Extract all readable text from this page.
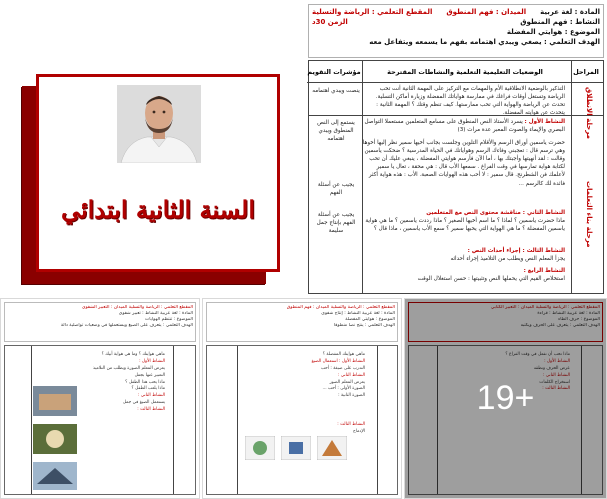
المادة : لغة عربية
الميدان : فهم المنطوق
المقطع التعلمي : الرياضة والتسلية
النشاط : فهم المنطوق
الزمن 30د
الموضوع : هوايتي المفضلة
الهدف التعلمي : يصغي ويبدي اهتمامه بفهم ما يسمعه ويتفاعل معه
المراحل
الوضعيات التعليمية التعلمية والنشاطات المقترحة
مؤشرات التقويم
مرحلة الانطلاق
مرحلة بناء التعلمات
التذكير بالوضعية الانطلاقية الأم والمهمات مع التركيز على المهمة الثانية أنت تحب الرياضة وتستغل أوقات فراغك في ممارسة هواياتك المفضلة وزيارة أماكن التسلية. تحدث عن الرياضة والهواية التي تحب ممارستها. كيف تنظم وقتك ؟ المهمة الثانية : يتحدث عن هوايته المفضلة.
ينصت ويبدي اهتمامه
النشاط الأول : يسرد الأستاذ النص المنطوق على مسامع المتعلمين مستعملا التواصل البصري والإيماء والصوت المعبر عدة مرات (3)
يستمع إلى النص المنطوق ويبدي اهتمامه
حضرت ياسمين أوراق الرسم والأقلام التلوين وجلست بجانب أخيها سمير نظر إليها أخوها وهي ترسم قال : تعجبني وفاءك الرسم وهواياتك في الحياة المدرسية ؟ ضحكت ياسمين وقالت : لقد أنهيتها وأجبتك بها ، أما الآن فأرسم هوايتي المفضلة ، ينبغي عليك أن تحب لكتابة هواية تمارسها في وقت الفراغ . سمعها الأب قال : هي محقة ، تعال يا سمير لأعلمك فن الشطرنج. قال سمير : لا أحب هذه الهوايات الصعبة. الأب : هذه هواية أكثر فائدة لك كالرسم ...
يجيب عن أسئلة الفهم
النشاط الثاني : مناقشة محتوى النص مع المتعلمين
ماذا حضرت ياسمين ؟ لماذا ؟ ما اسم أخيها الصغير ؟ ماذا رددت ياسمين ؟ ما هي هواية ياسمين المفضلة ؟ ما هي الهواية التي يحبها سمير ؟ سمع الأب ياسمين ، ماذا قال ؟
النشاط الثالث : إجراء أحداث النص :
يجزأ المعلم النص ويطلب من التلاميذ إجراء أحداثه
النشاط الرابع :
استخلاص القيم التي يحملها النص وتثبيتها : حسن استغلال الوقت
يجيب عن أسئلة الفهم بإنتاج جمل سليمة
السنة الثانية ابتدائي
المقطع التعلمي : الرياضة والتسلية الميدان : التعبير الشفوي
المادة : لغة عربية النشاط : تعبير شفوي
الموضوع : تنتظم الهوايات
الهدف التعلمي : يتعرف على الصيغ ويستعملها في وضعيات تواصلية دالة
ماهي هوايتك ؟ وما هي هواية أبيك ؟
النشاط الأول :
يعرض المعلم الصورة ويطلب من التلاميذ
التعبير عنها بجمل
ماذا يحب هذا الطفل ؟
ماذا يلعب الطفل ؟
النشاط الثاني :
يستعمل الصيغ في جمل
النشاط الثالث :
المقطع التعلمي : الرياضة والتسلية الميدان : فهم المنطوق
المادة : لغة عربية النشاط : إنتاج شفوي
الموضوع : هوايتي المفضلة
الهدف التعلمي : ينتج نصا منطوقا
ماهي هوايتك المفضلة ؟
النشاط الأول : استعمال الصيغ
التدرب على صيغة : أحب
النشاط الثاني :
يعرض المعلم الصور
الصورة الأولى : أحب ...
الصورة الثانية :
النشاط الثالث :
الإدماج
المقطع التعلمي : الرياضة والتسلية الميدان : التعبير الكتابي
المادة : لغة عربية النشاط : قراءة
الموضوع : حرف الطاء
الهدف التعلمي : يتعرف على الحرف ويكتبه
ماذا تحب أن تفعل في وقت الفراغ ؟
النشاط الأول :
عرض الحرف ونطقه
النشاط الثاني :
استخراج الكلمات
النشاط الثالث :
19+
